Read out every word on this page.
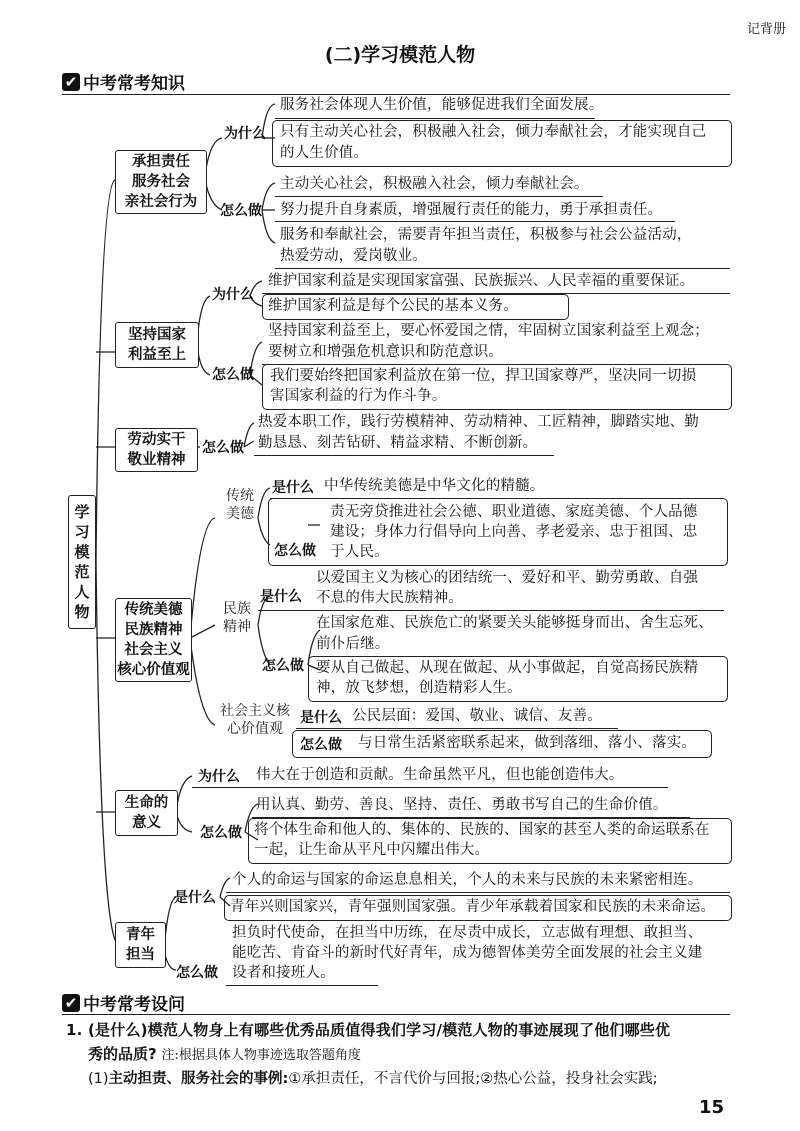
记背册
(二)学习模范人物
✔ 中考常考知识
学
习
模
范
人
物
承担责任
服务社会
亲社会行为
为什么
怎么做
服务社会体现人生价值，能够促进我们全面发展。
只有主动关心社会，积极融入社会，倾力奉献社会，才能实现自己
的人生价值。
主动关心社会，积极融入社会，倾力奉献社会。
努力提升自身素质，增强履行责任的能力，勇于承担责任。
服务和奉献社会，需要青年担当责任，积极参与社会公益活动，
热爱劳动，爱岗敬业。
坚持国家
利益至上
为什么
怎么做
维护国家利益是实现国家富强、民族振兴、人民幸福的重要保证。
维护国家利益是每个公民的基本义务。
坚持国家利益至上，要心怀爱国之情，牢固树立国家利益至上观念；
要树立和增强危机意识和防范意识。
我们要始终把国家利益放在第一位，捍卫国家尊严，坚决同一切损
害国家利益的行为作斗争。
劳动实干
敬业精神
怎么做
热爱本职工作，践行劳模精神、劳动精神、工匠精神，脚踏实地、勤
勤恳恳、刻苦钻研、精益求精、不断创新。
传统美德
民族精神
社会主义
核心价值观
传统
美德
是什么 中华传统美德是中华文化的精髓。
责无旁贷推进社会公德、职业道德、家庭美德、个人品德
建设；身体力行倡导向上向善、孝老爱亲、忠于祖国、忠
怎么做 于人民。
民族
精神
是什么
以爱国主义为核心的团结统一、爱好和平、勤劳勇敢、自强
不息的伟大民族精神。
怎么做
在国家危难、民族危亡的紧要关头能够挺身而出、舍生忘死、
前仆后继。
要从自己做起、从现在做起、从小事做起，自觉高扬民族精
神，放飞梦想，创造精彩人生。
社会主义核
心价值观
是什么 公民层面：爱国、敬业、诚信、友善。
怎么做 与日常生活紧密联系起来，做到落细、落小、落实。
生命的
意义
为什么 伟大在于创造和贡献。生命虽然平凡，但也能创造伟大。
怎么做
用认真、勤劳、善良、坚持、责任、勇敢书写自己的生命价值。
将个体生命和他人的、集体的、民族的、国家的甚至人类的命运联系在
一起，让生命从平凡中闪耀出伟大。
青年
担当
是什么
个人的命运与国家的命运息息相关，个人的未来与民族的未来紧密相连。
青年兴则国家兴，青年强则国家强。青少年承载着国家和民族的未来命运。
怎么做
担负时代使命，在担当中历练，在尽责中成长，立志做有理想、敢担当、
能吃苦、肯奋斗的新时代好青年，成为德智体美劳全面发展的社会主义建
设者和接班人。
✔ 中考常考设问
1. (是什么)模范人物身上有哪些优秀品质值得我们学习/模范人物的事迹展现了他们哪些优
秀的品质? 注:根据具体人物事迹选取答题角度
(1)主动担责、服务社会的事例:①承担责任，不言代价与回报;②热心公益，投身社会实践;
15
